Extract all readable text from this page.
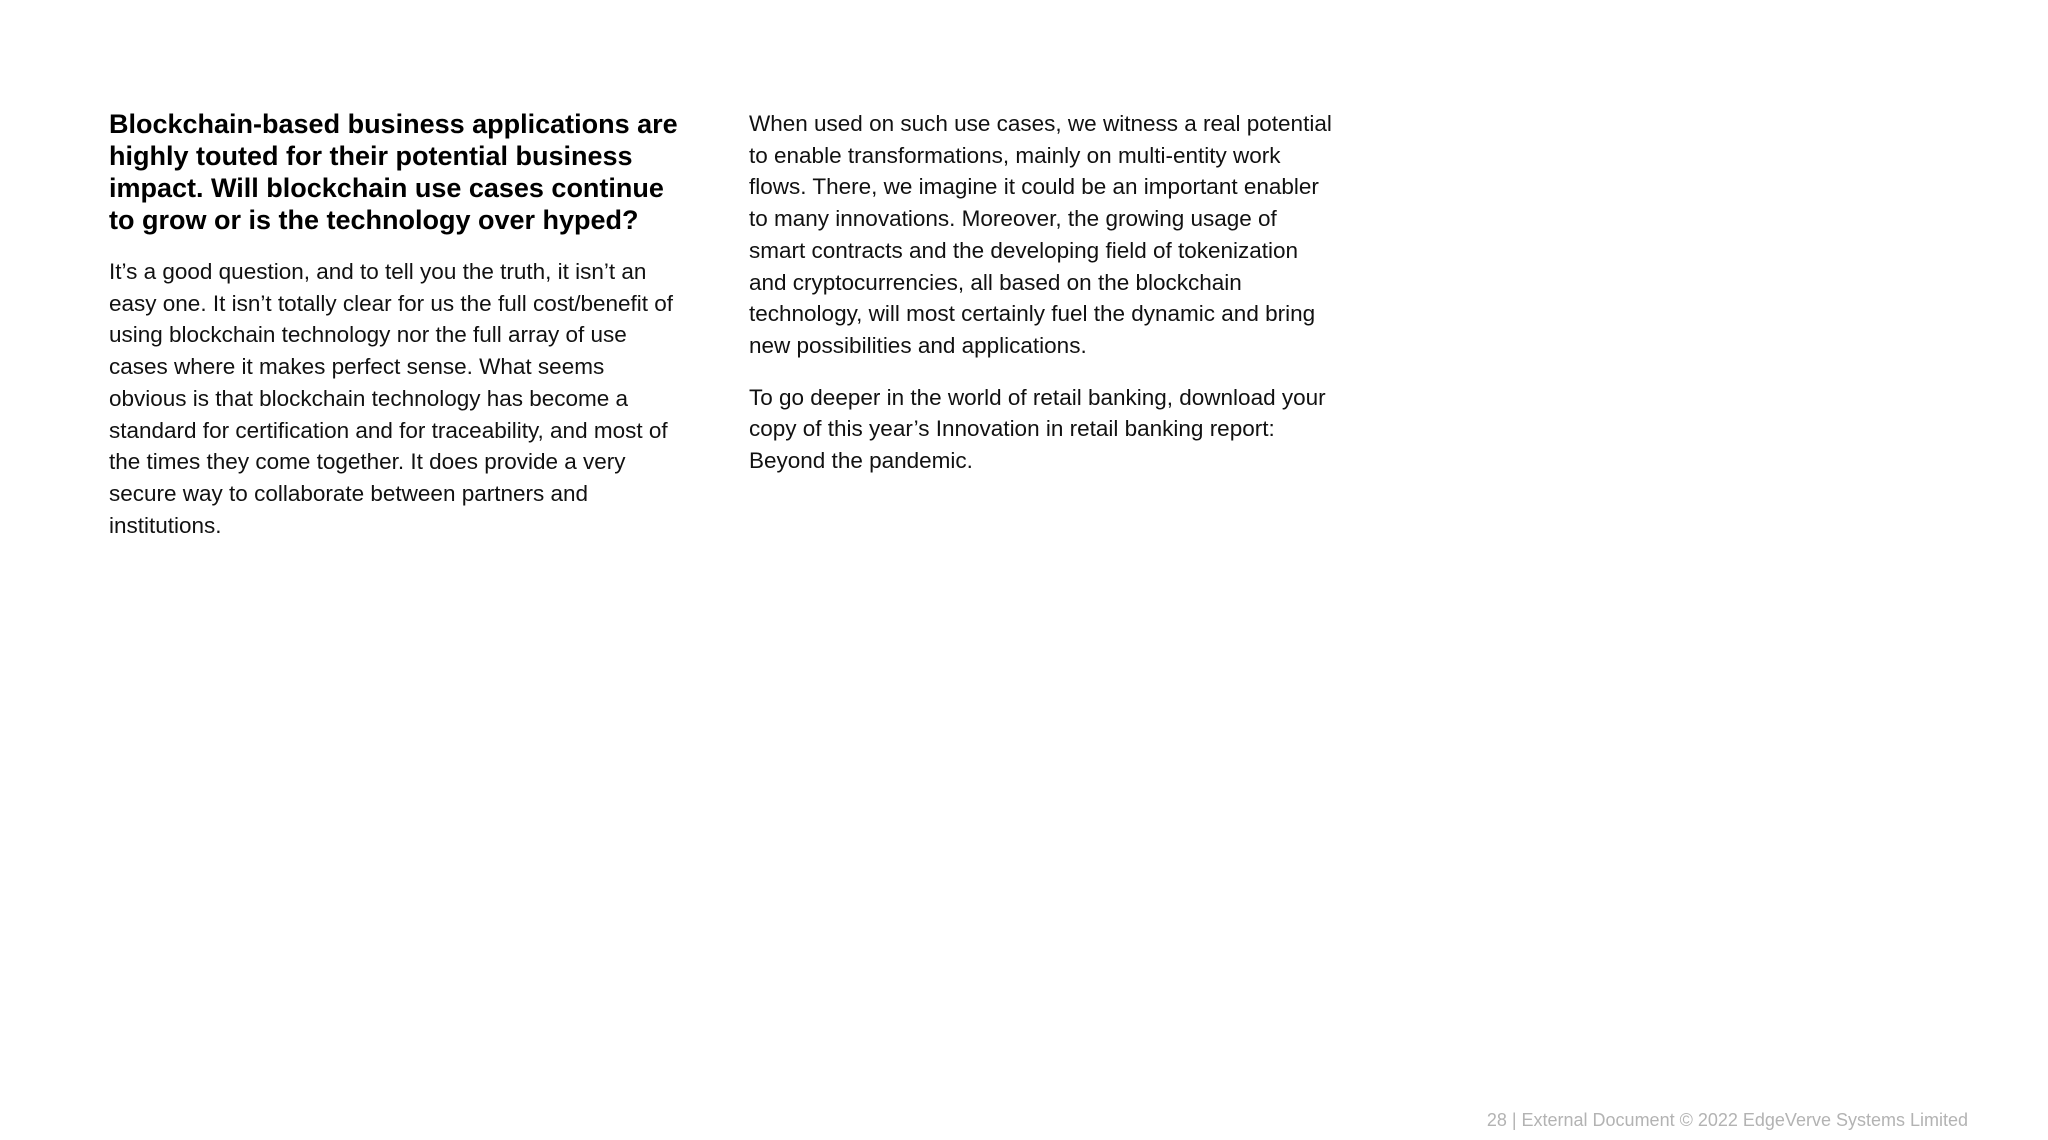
Blockchain-based business applications are highly touted for their potential business impact. Will blockchain use cases continue to grow or is the technology over hyped?

It’s a good question, and to tell you the truth, it isn’t an easy one. It isn’t totally clear for us the full cost/benefit of using blockchain technology nor the full array of use cases where it makes perfect sense. What seems obvious is that blockchain technology has become a standard for certification and for traceability, and most of the times they come together. It does provide a very secure way to collaborate between partners and institutions.

When used on such use cases, we witness a real potential to enable transformations, mainly on multi-entity work flows. There, we imagine it could be an important enabler to many innovations. Moreover, the growing usage of smart contracts and the developing field of tokenization and cryptocurrencies, all based on the blockchain technology, will most certainly fuel the dynamic and bring new possibilities and applications.

To go deeper in the world of retail banking, download your copy of this year’s Innovation in retail banking report: Beyond the pandemic.

28 | External Document © 2022 EdgeVerve Systems Limited
